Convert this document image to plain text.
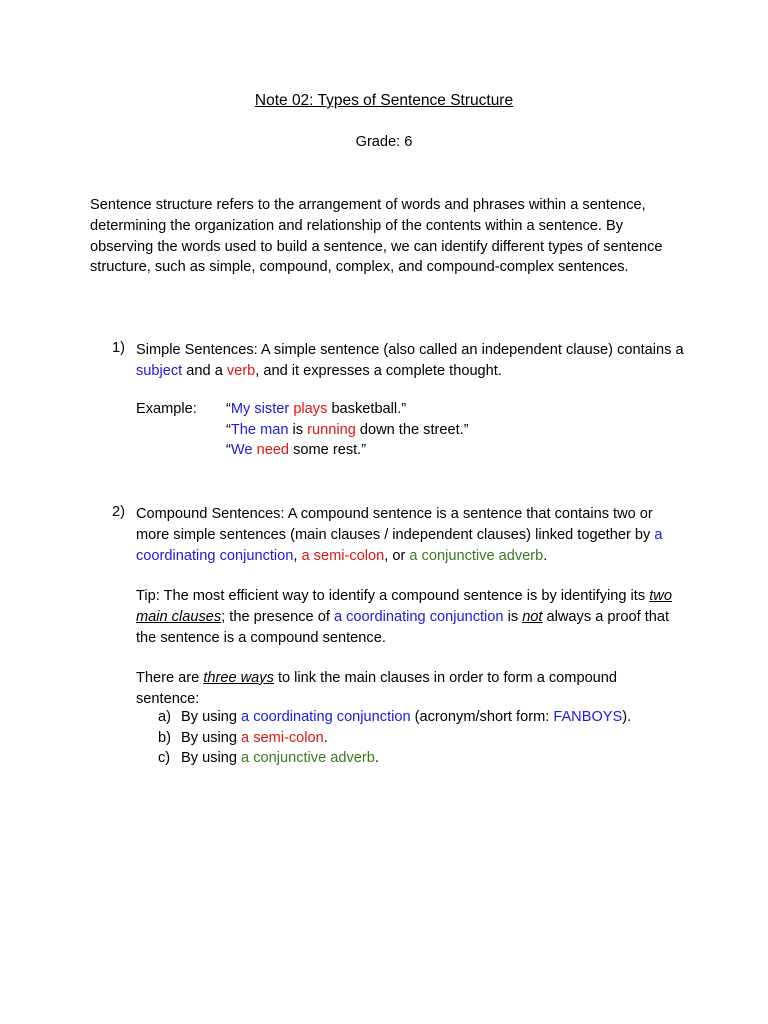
Note 02: Types of Sentence Structure
Grade: 6

Sentence structure refers to the arrangement of words and phrases within a sentence, determining the organization and relationship of the contents within a sentence. By observing the words used to build a sentence, we can identify different types of sentence structure, such as simple, compound, complex, and compound-complex sentences.

1) Simple Sentences: A simple sentence (also called an independent clause) contains a subject and a verb, and it expresses a complete thought.

Example: “My sister plays basketball.”
“The man is running down the street.”
“We need some rest.”
2) Compound Sentences: A compound sentence is a sentence that contains two or more simple sentences (main clauses / independent clauses) linked together by a coordinating conjunction, a semi-colon, or a conjunctive adverb.

Tip: The most efficient way to identify a compound sentence is by identifying its two main clauses; the presence of a coordinating conjunction is not always a proof that the sentence is a compound sentence.

There are three ways to link the main clauses in order to form a compound sentence:

a) By using a coordinating conjunction (acronym/short form: FANBOYS).
b) By using a semi-colon.
c) By using a conjunctive adverb.
